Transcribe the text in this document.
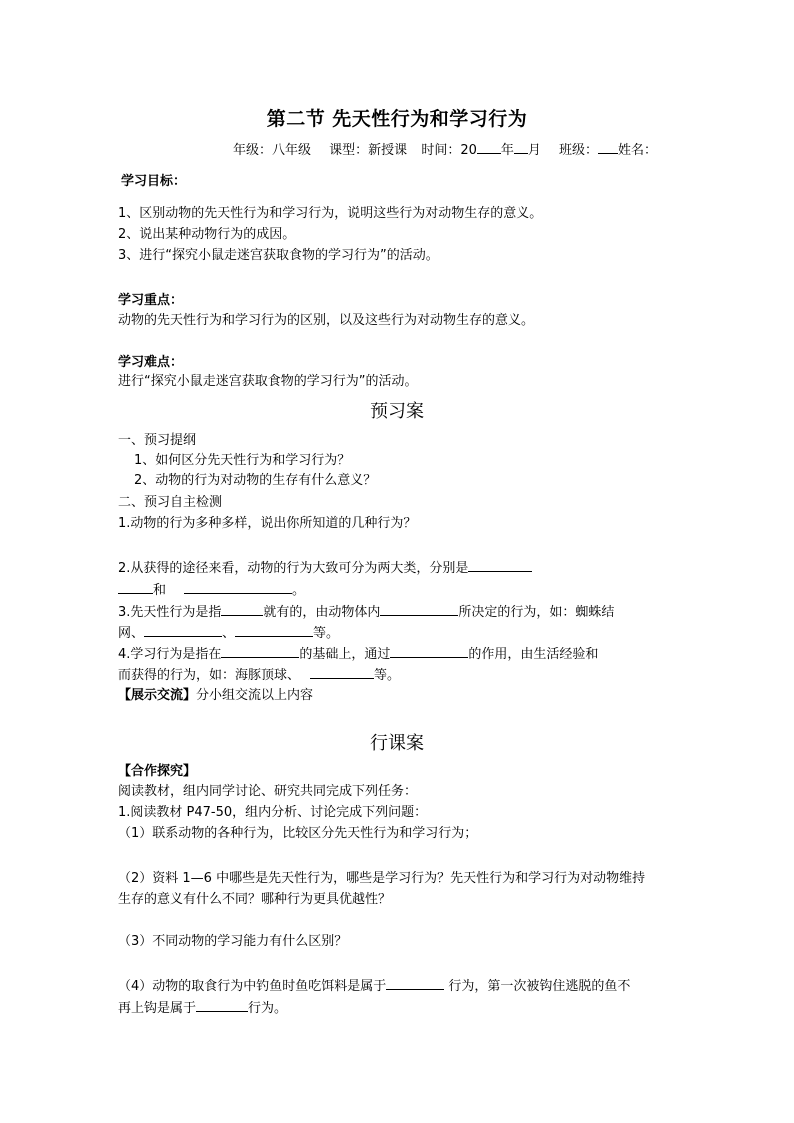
第二节 先天性行为和学习行为
年级：八年级 课型：新授课 时间：20 年 月 班级： 姓名：
学习目标：
1、区别动物的先天性行为和学习行为，说明这些行为对动物生存的意义。
2、说出某种动物行为的成因。
3、进行“探究小鼠走迷宫获取食物的学习行为”的活动。
学习重点：
动物的先天性行为和学习行为的区别，以及这些行为对动物生存的意义。
学习难点：
进行“探究小鼠走迷宫获取食物的学习行为”的活动。
预习案
一、预习提纲
1、如何区分先天性行为和学习行为？
2、动物的行为对动物的生存有什么意义？
二、预习自主检测
1.动物的行为多种多样，说出你所知道的几种行为？
2.从获得的途径来看，动物的行为大致可分为两大类，分别是
和	。
3.先天性行为是指	就有的，由动物体内	所决定的行为，如：蜘蛛结
网、	、	等。
4.学习行为是指在	的基础上，通过	的作用，由生活经验和
而获得的行为，如：海豚顶球、	等。
【展示交流】分小组交流以上内容
行课案
【合作探究】
阅读教材，组内同学讨论、研究共同完成下列任务：
1.阅读教材 P47-50，组内分析、讨论完成下列问题：
（1）联系动物的各种行为，比较区分先天性行为和学习行为；
（2）资料 1—6 中哪些是先天性行为，哪些是学习行为？先天性行为和学习行为对动物维持
生存的意义有什么不同？哪种行为更具优越性？
（3）不同动物的学习能力有什么区别？
（4）动物的取食行为中钓鱼时鱼吃饵料是属于	行为，第一次被钩住逃脱的鱼不
再上钩是属于	行为。
